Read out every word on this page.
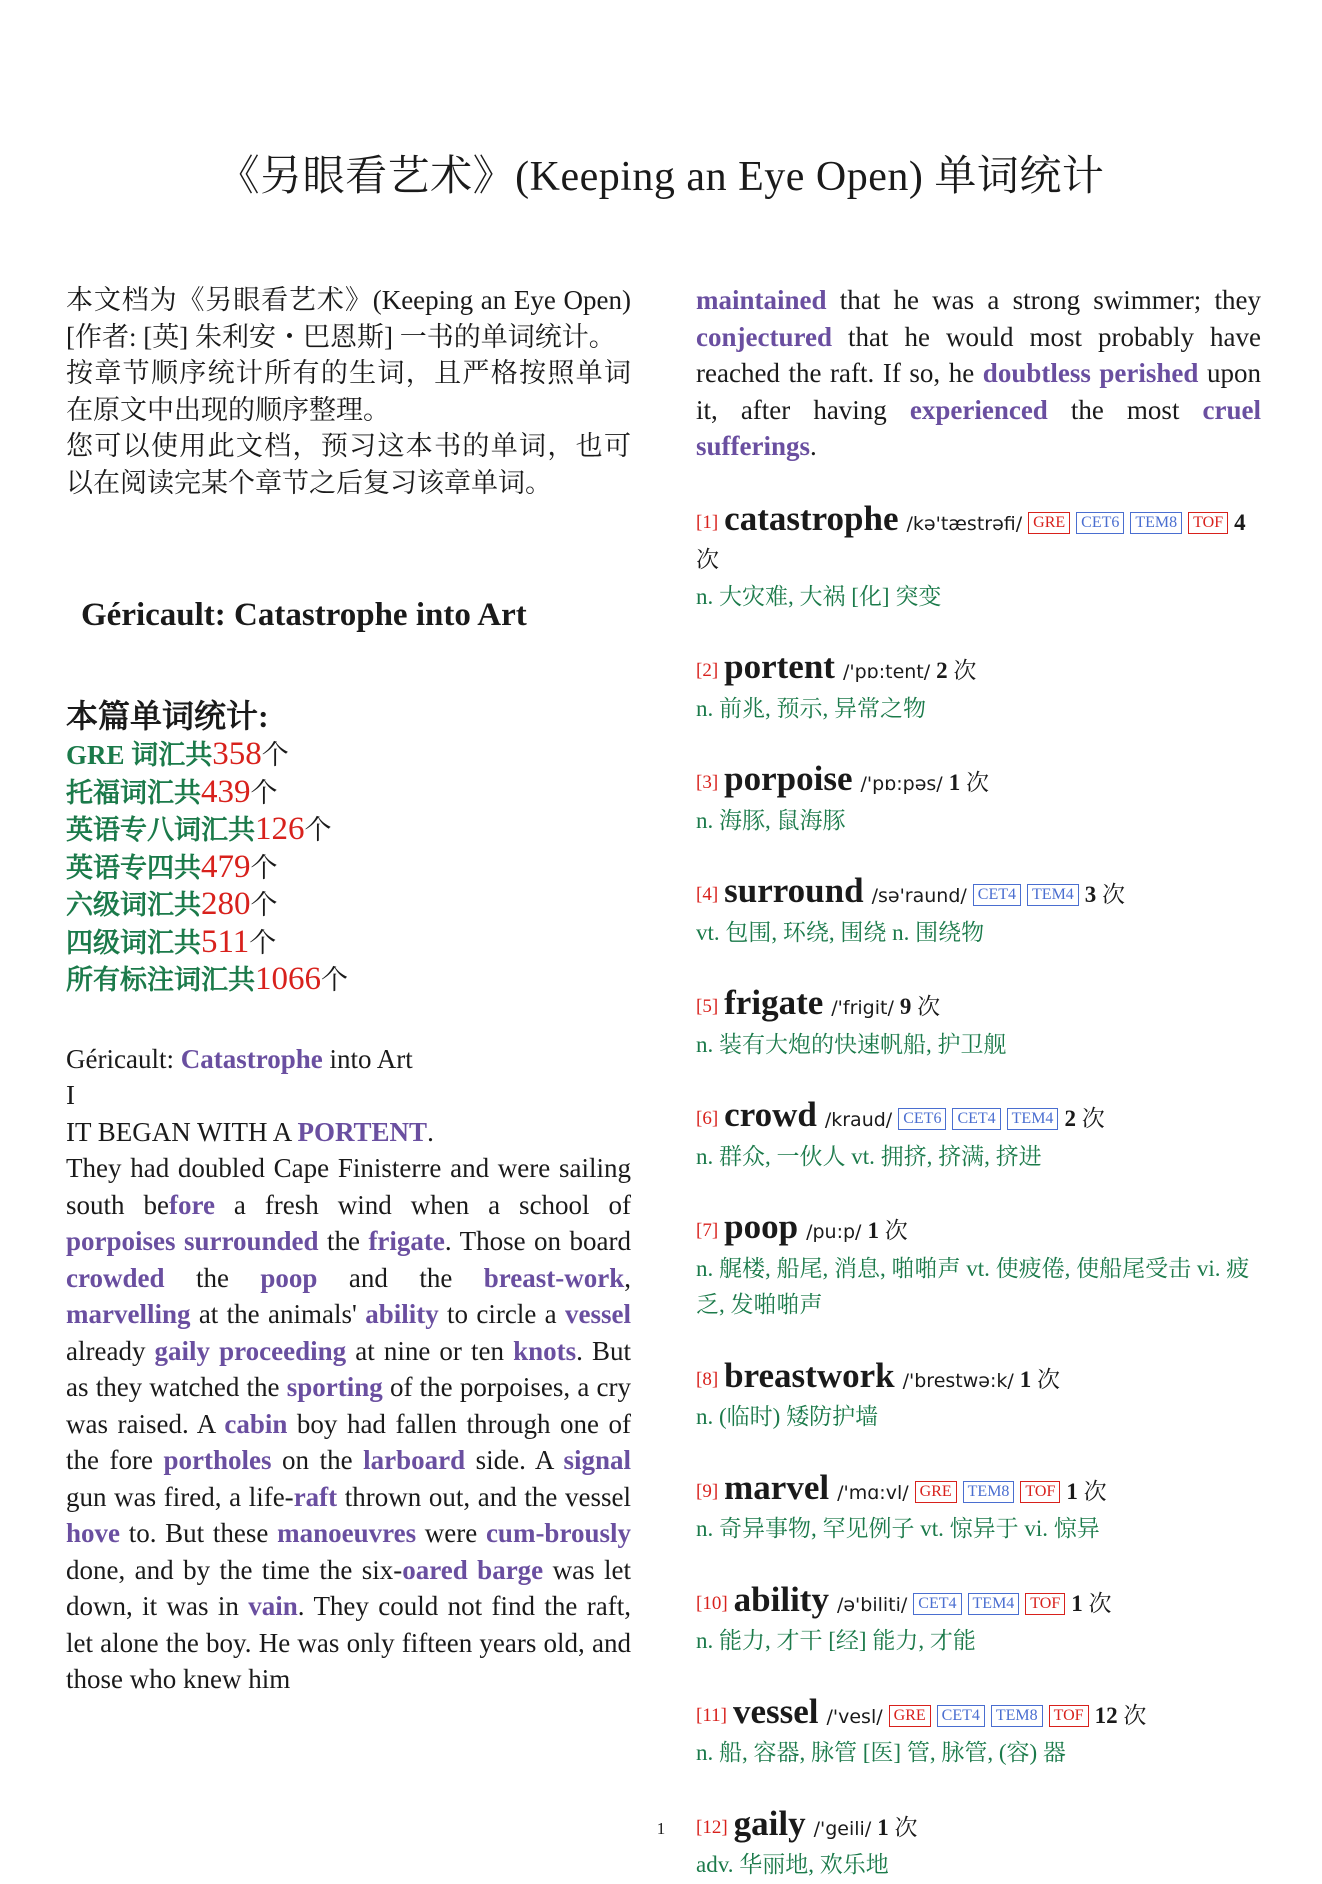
《另眼看艺术》(Keeping an Eye Open) 单词统计

本文档为《另眼看艺术》(Keeping an Eye Open)[作者: [英] 朱利安・巴恩斯] 一书的单词统计。

按章节顺序统计所有的生词，且严格按照单词在原文中出现的顺序整理。

您可以使用此文档，预习这本书的单词，也可以在阅读完某个章节之后复习该章单词。

Géricault: Catastrophe into Art
本篇单词统计:
GRE 词汇共358个
托福词汇共439个
英语专八词汇共126个
英语专四共479个
六级词汇共280个
四级词汇共511个
所有标注词汇共1066个

Géricault: Catastrophe into Art

I

IT BEGAN WITH A PORTENT.

They had doubled Cape Finisterre and were sailing south before a fresh wind when a school of porpoises surrounded the frigate. Those on board crowded the poop and the breast-work, marvelling at the animals' ability to circle a vessel already gaily proceeding at nine or ten knots. But as they watched the sporting of the porpoises, a cry was raised. A cabin boy had fallen through one of the fore portholes on the larboard side. A signal gun was fired, a life-raft thrown out, and the vessel hove to. But these manoeuvres were cum-brously done, and by the time the six-oared barge was let down, it was in vain. They could not find the raft, let alone the boy. He was only fifteen years old, and those who knew him

maintained that he was a strong swimmer; they conjectured that he would most probably have reached the raft. If so, he doubtless perished upon it, after having experienced the most cruel sufferings.

[1] catastrophe /kə'tæstrəfi/ GRE CET6 TEM8 TOF 4 次
n. 大灾难, 大祸 [化] 突变
[2] portent /'pɒ:tent/ 2 次
n. 前兆, 预示, 异常之物
[3] porpoise /'pɒ:pəs/ 1 次
n. 海豚, 鼠海豚
[4] surround /sə'raund/ CET4 TEM4 3 次
vt. 包围, 环绕, 围绕 n. 围绕物
[5] frigate /'frigit/ 9 次
n. 装有大炮的快速帆船, 护卫舰
[6] crowd /kraud/ CET6 CET4 TEM4 2 次
n. 群众, 一伙人 vt. 拥挤, 挤满, 挤进
[7] poop /pu:p/ 1 次
n. 艉楼, 船尾, 消息, 啪啪声 vt. 使疲倦, 使船尾受击 vi. 疲乏, 发啪啪声
[8] breastwork /'brestwə:k/ 1 次
n. (临时) 矮防护墙
[9] marvel /'mɑ:vl/ GRE TEM8 TOF 1 次
n. 奇异事物, 罕见例子 vt. 惊异于 vi. 惊异
[10] ability /ə'biliti/ CET4 TEM4 TOF 1 次
n. 能力, 才干 [经] 能力, 才能
[11] vessel /'vesl/ GRE CET4 TEM8 TOF 12 次
n. 船, 容器, 脉管 [医] 管, 脉管, (容) 器
[12] gaily /'geili/ 1 次
adv. 华丽地, 欢乐地
1
